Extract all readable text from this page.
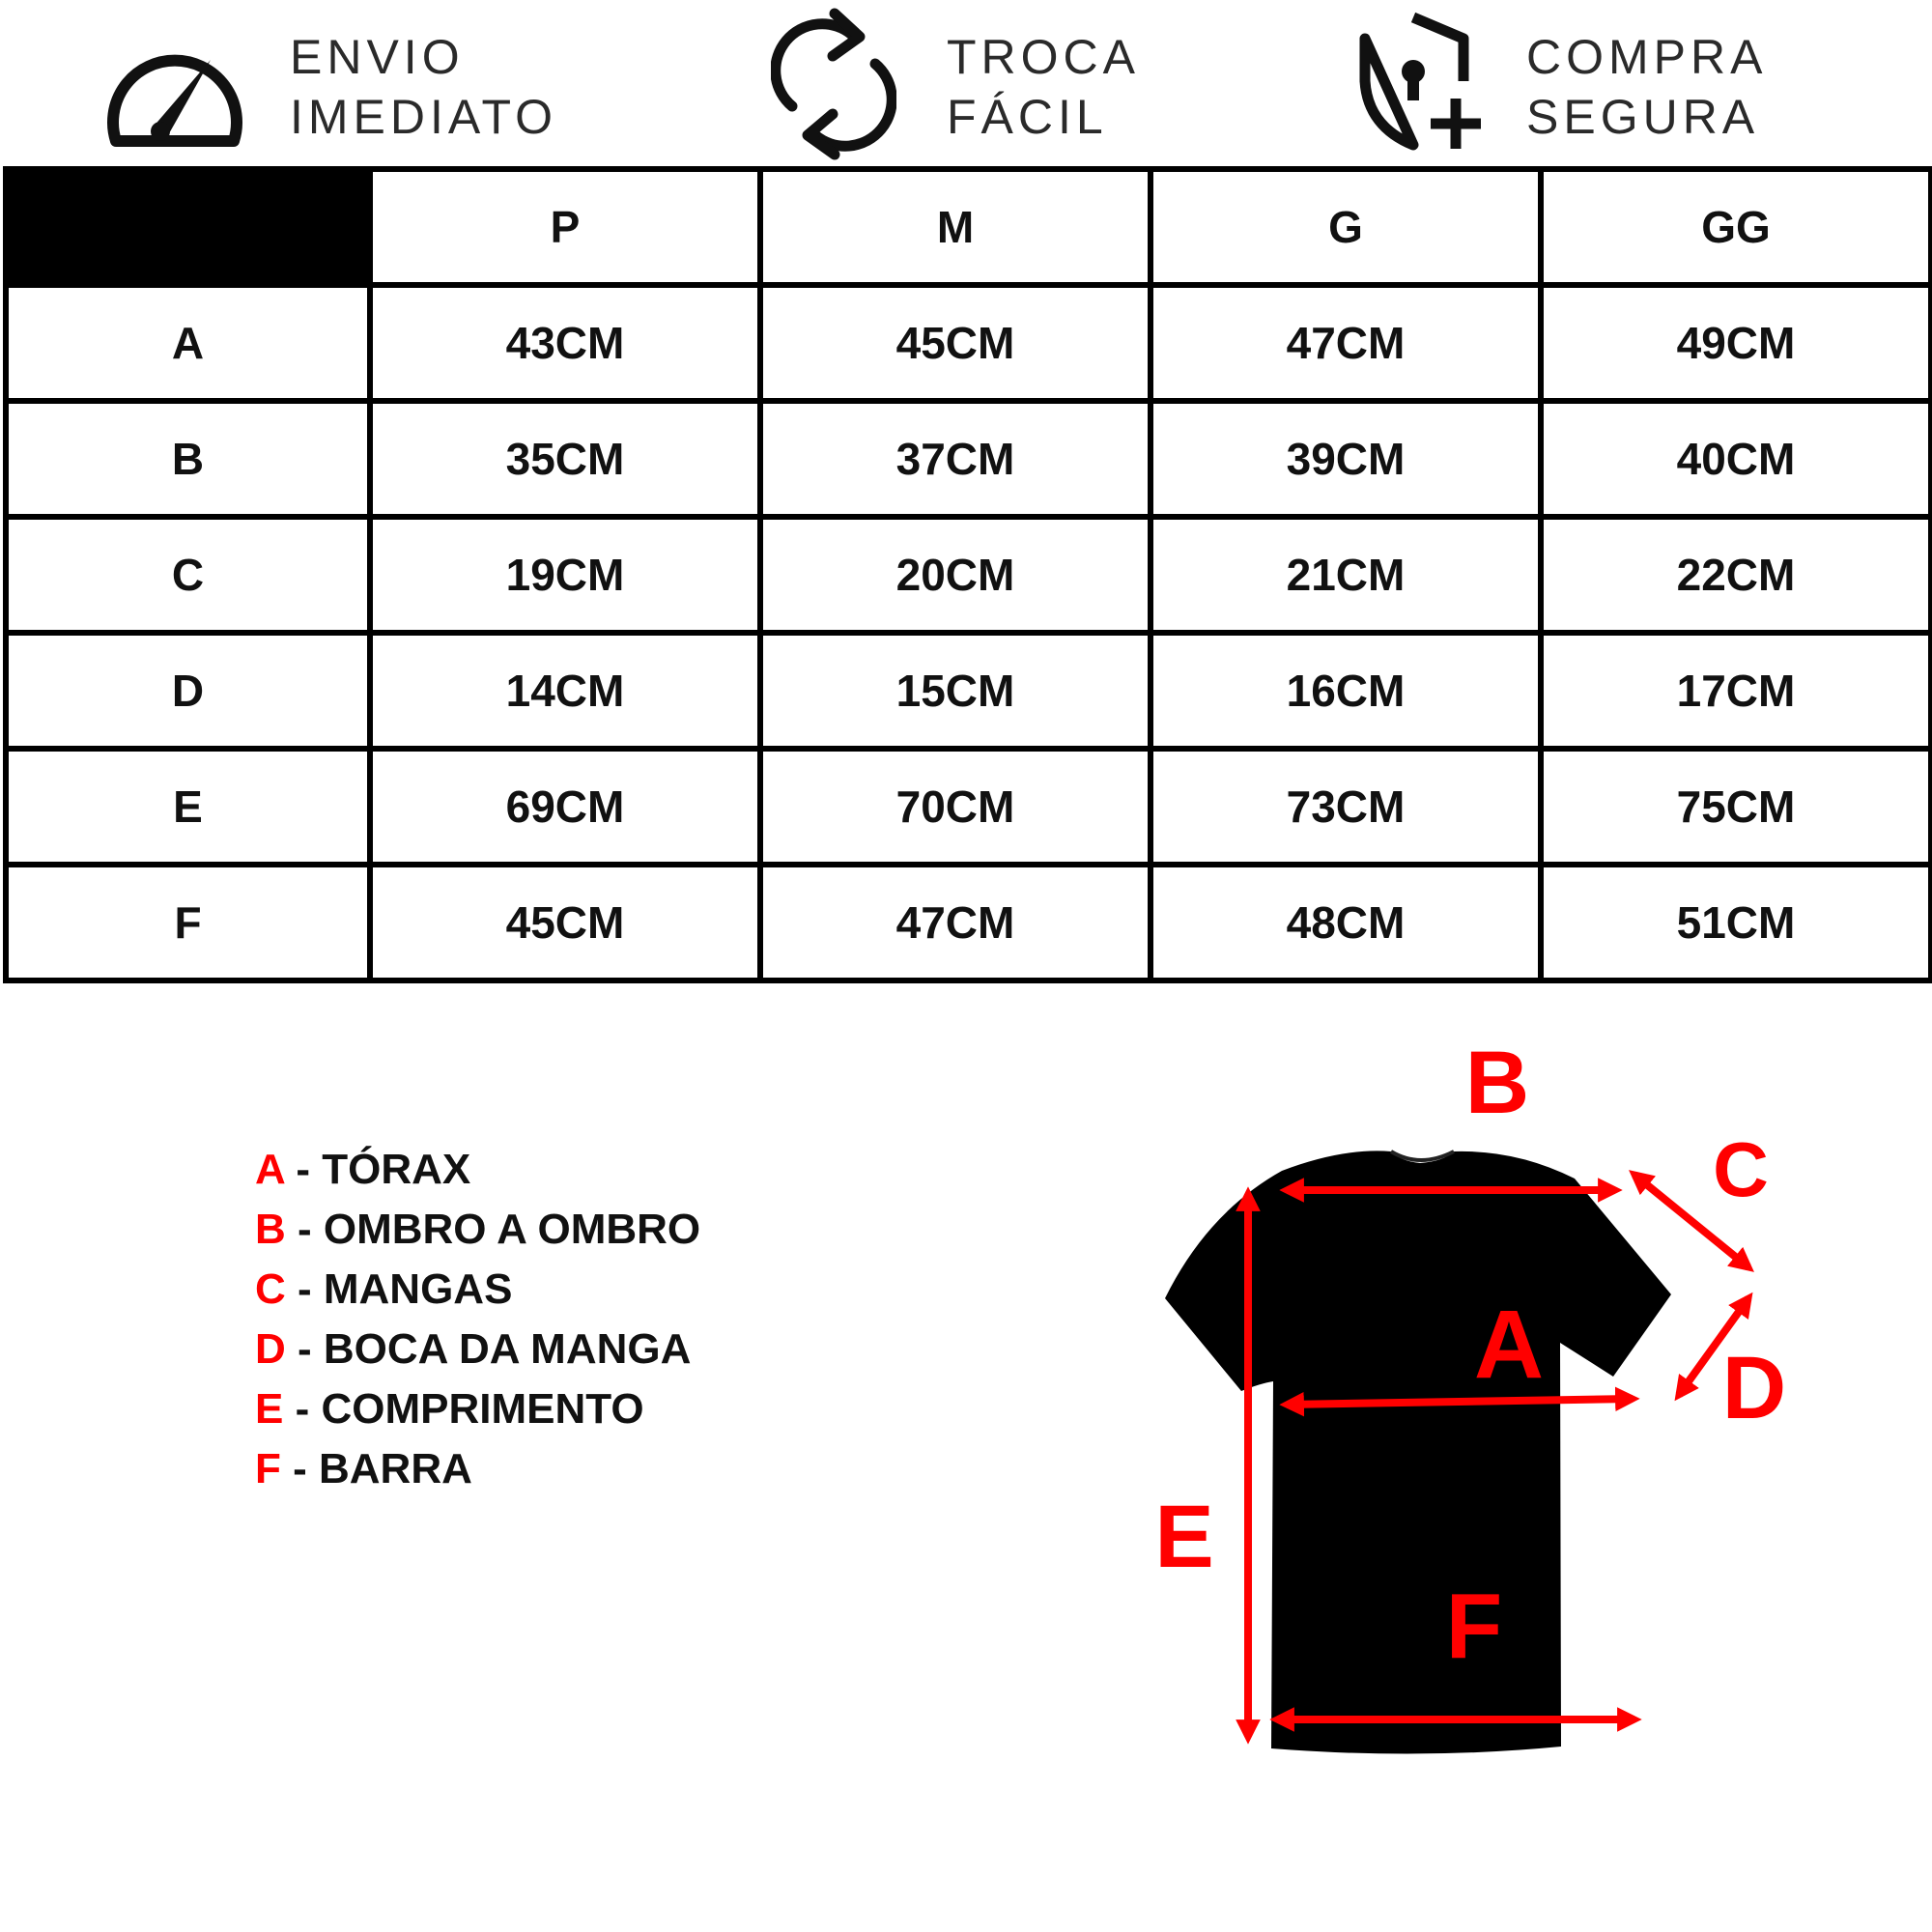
ENVIO
IMEDIATO
TROCA
FÁCIL
COMPRA
SEGURA
	P	M	G	GG
A	43CM	45CM	47CM	49CM
B	35CM	37CM	39CM	40CM
C	19CM	20CM	21CM	22CM
D	14CM	15CM	16CM	17CM
E	69CM	70CM	73CM	75CM
F	45CM	47CM	48CM	51CM
A - TÓRAX
B - OMBRO A OMBRO
C - MANGAS
D - BOCA DA MANGA
E - COMPRIMENTO
F - BARRA
B
C
D
A
E
F
